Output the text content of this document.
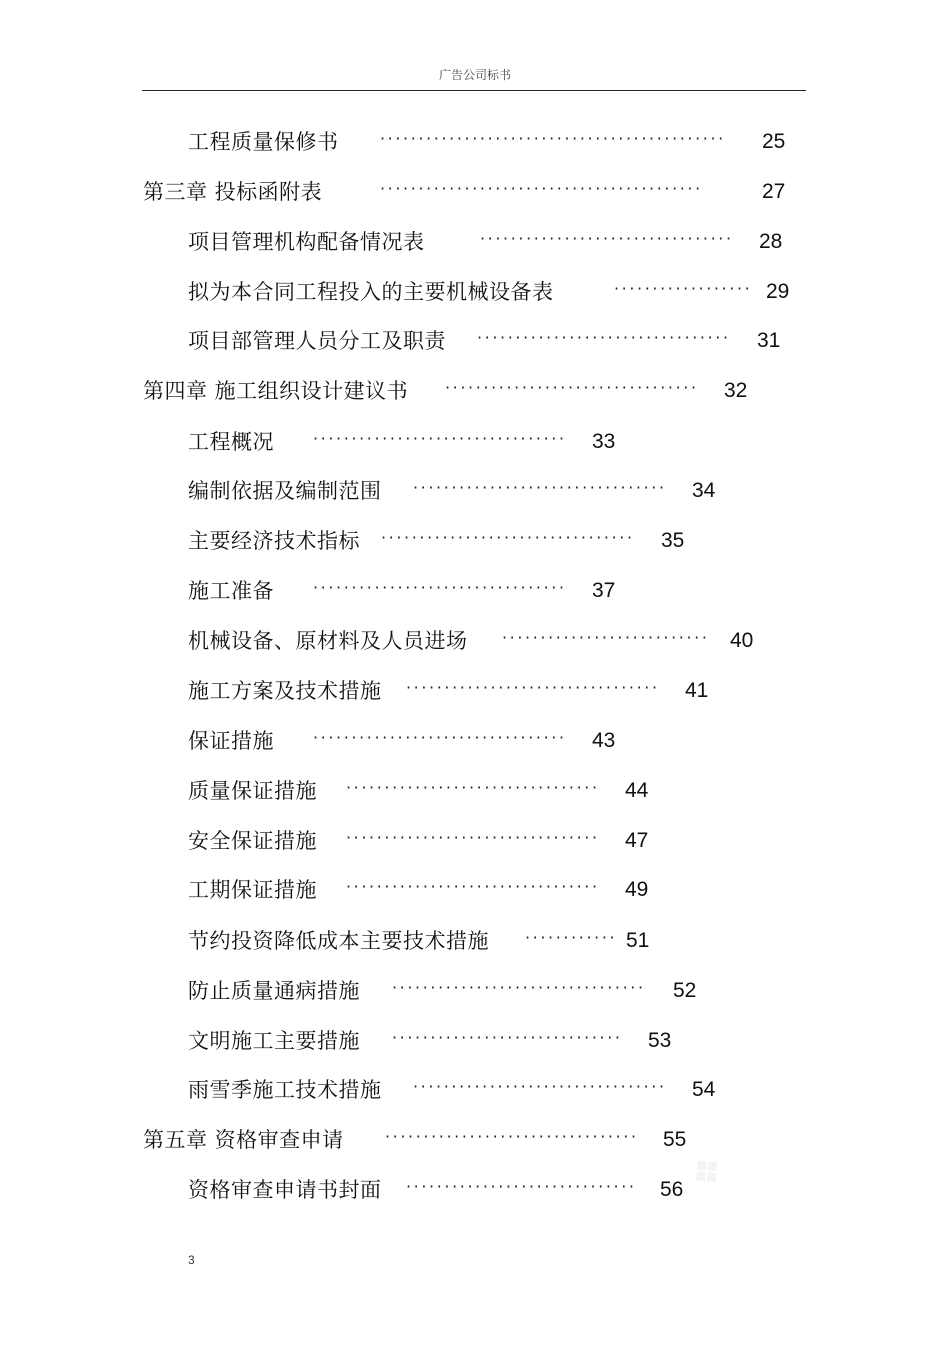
广告公司标书
工程质量保修书	············································· 25
第三章 投标函附表	··········································	27
项目管理机构配备情况表	································· 28
拟为本合同工程投入的主要机械设备表	·················· 29
项目部管理人员分工及职责 ································· 31
第四章 施工组织设计建议书 ································· 32
工程概况 ································· 33
编制依据及编制范围 ································· 34
主要经济技术指标 ································· 35
施工准备 ································· 37
机械设备、原材料及人员进场 ··························· 40
施工方案及技术措施 ································· 41
保证措施 ································· 43
质量保证措施 ································· 44
安全保证措施 ································· 47
工期保证措施 ································· 49
节约投资降低成本主要技术措施 ············ 51
防止质量通病措施 ································· 52
文明施工主要措施 ······························ 53
雨雪季施工技术措施 ································· 54
第五章 资格审查申请	································· 55
资格审查申请书封面 ······························ 56
3
❖
